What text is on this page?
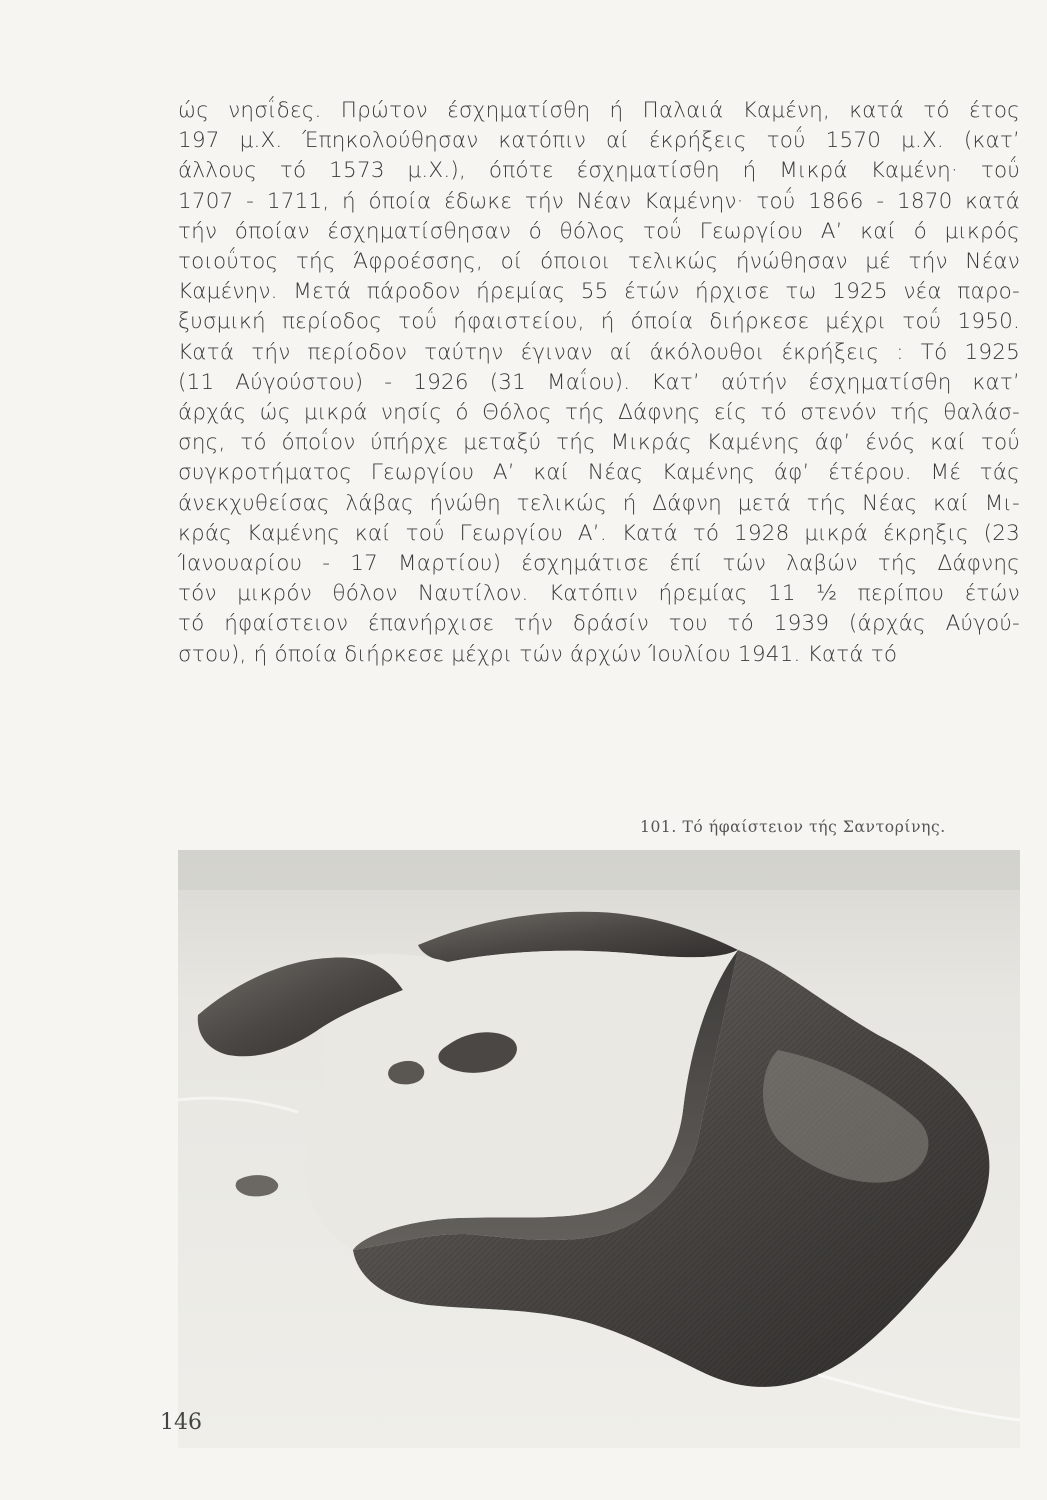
ώς νησΐδες. Πρώτον έσχηματίσθη ή Παλαιά Καμένη, κατά τό έτος
197 μ.Χ. Έπηκολούθησαν κατόπιν αί έκρήξεις τοΰ 1570 μ.Χ. (κατ’
άλλους τό 1573 μ.Χ.), όπότε έσχηματίσθη ή Μικρά Καμένη· τοΰ
1707 - 1711, ή όποία έδωκε τήν Νέαν Καμένην· τοΰ 1866 - 1870 κατά
τήν όποίαν έσχηματίσθησαν ό θόλος τοΰ Γεωργίου Α’ καί ό μικρός
τοιοΰτος τής Άφροέσσης, οί όποιοι τελικώς ήνώθησαν μέ τήν Νέαν
Καμένην. Μετά πάροδον ήρεμίας 55 έτών ήρχισε τω 1925 νέα παρο-
ξυσμική περίοδος τοΰ ήφαιστείου, ή όποία διήρκεσε μέχρι τοΰ 1950.
Κατά τήν περίοδον ταύτην έγιναν αί άκόλουθοι έκρήξεις : Τό 1925
(11 Αύγούστου) - 1926 (31 Μαΐου). Κατ’ αύτήν έσχηματίσθη κατ’
άρχάς ώς μικρά νησίς ό Θόλος τής Δάφνης είς τό στενόν τής θαλάσ-
σης, τό όποΐον ύπήρχε μεταξύ τής Μικράς Καμένης άφ’ ένός καί τοΰ
συγκροτήματος Γεωργίου Α’ καί Νέας Καμένης άφ’ έτέρου. Μέ τάς
άνεκχυθείσας λάβας ήνώθη τελικώς ή Δάφνη μετά τής Νέας καί Μι-
κράς Καμένης καί τοΰ Γεωργίου Α’. Κατά τό 1928 μικρά έκρηξις (23
Ίανουαρίου - 17 Μαρτίου) έσχημάτισε έπί τών λαβών τής Δάφνης
τόν μικρόν θόλον Ναυτίλον. Κατόπιν ήρεμίας 11 ½ περίπου έτών
τό ήφαίστειον έπανήρχισε τήν δράσίν του τό 1939 (άρχάς Αύγού-
στου), ή όποία διήρκεσε μέχρι τών άρχών Ίουλίου 1941. Κατά τό
101. Τό ήφαίστειον τής Σαντορίνης.
146
